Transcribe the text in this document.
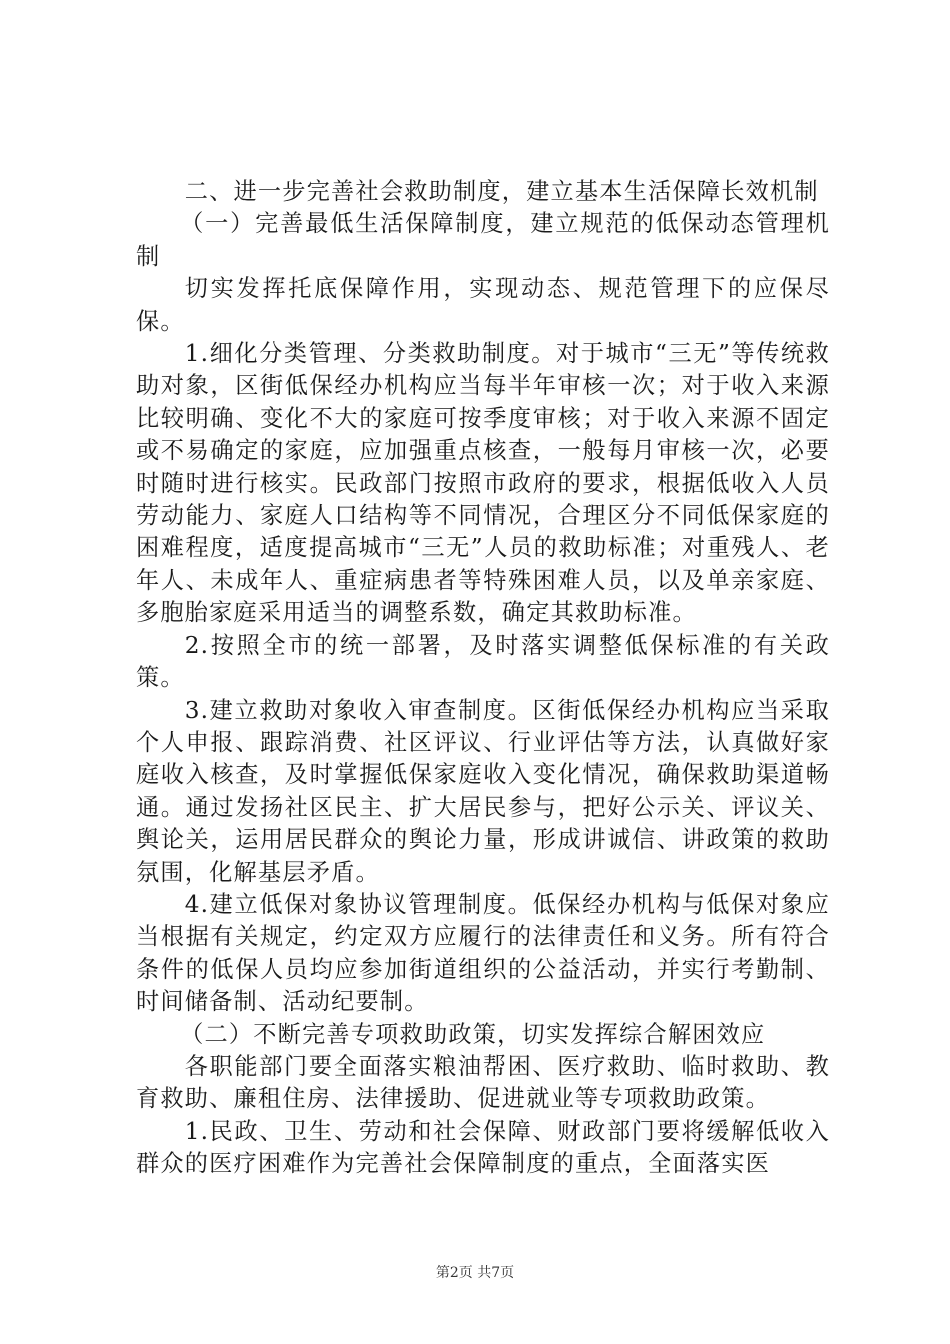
二、进一步完善社会救助制度，建立基本生活保障长效机制

（一）完善最低生活保障制度，建立规范的低保动态管理机制

切实发挥托底保障作用，实现动态、规范管理下的应保尽保。

1.细化分类管理、分类救助制度。对于城市“三无”等传统救助对象，区街低保经办机构应当每半年审核一次；对于收入来源比较明确、变化不大的家庭可按季度审核；对于收入来源不固定或不易确定的家庭，应加强重点核查，一般每月审核一次，必要时随时进行核实。民政部门按照市政府的要求，根据低收入人员劳动能力、家庭人口结构等不同情况，合理区分不同低保家庭的困难程度，适度提高城市“三无”人员的救助标准；对重残人、老年人、未成年人、重症病患者等特殊困难人员，以及单亲家庭、多胞胎家庭采用适当的调整系数，确定其救助标准。

2.按照全市的统一部署，及时落实调整低保标准的有关政策。

3.建立救助对象收入审查制度。区街低保经办机构应当采取个人申报、跟踪消费、社区评议、行业评估等方法，认真做好家庭收入核查，及时掌握低保家庭收入变化情况，确保救助渠道畅通。通过发扬社区民主、扩大居民参与，把好公示关、评议关、舆论关，运用居民群众的舆论力量，形成讲诚信、讲政策的救助氛围，化解基层矛盾。

4.建立低保对象协议管理制度。低保经办机构与低保对象应当根据有关规定，约定双方应履行的法律责任和义务。所有符合条件的低保人员均应参加街道组织的公益活动，并实行考勤制、时间储备制、活动纪要制。

（二）不断完善专项救助政策，切实发挥综合解困效应

各职能部门要全面落实粮油帮困、医疗救助、临时救助、教育救助、廉租住房、法律援助、促进就业等专项救助政策。

1.民政、卫生、劳动和社会保障、财政部门要将缓解低收入群众的医疗困难作为完善社会保障制度的重点，全面落实医

第2页 共7页
